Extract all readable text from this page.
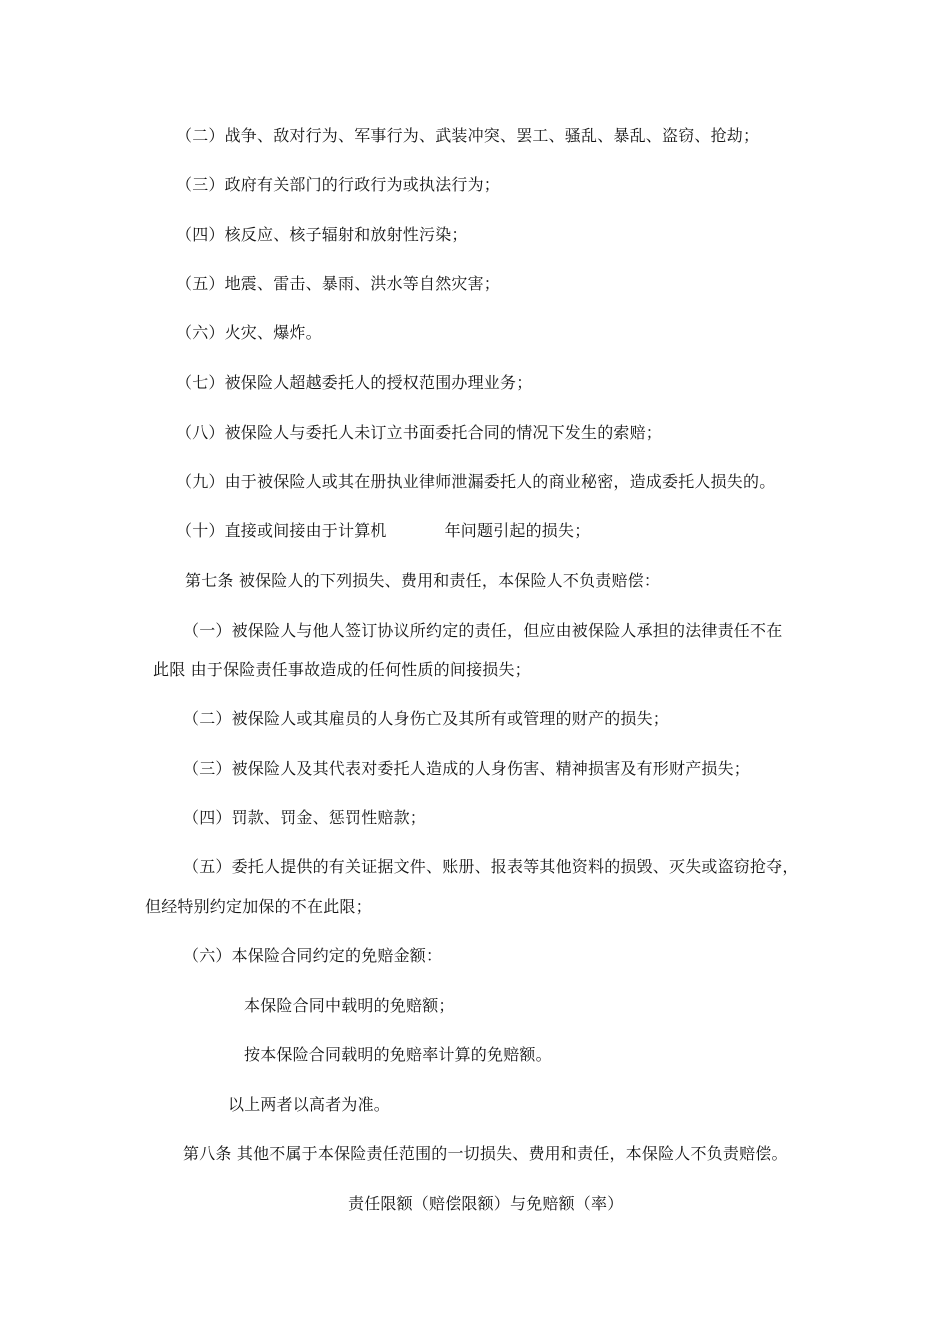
（二）战争、敌对行为、军事行为、武装冲突、罢工、骚乱、暴乱、盗窃、抢劫；
（三）政府有关部门的行政行为或执法行为；
（四）核反应、核子辐射和放射性污染；
（五）地震、雷击、暴雨、洪水等自然灾害；
（六）火灾、爆炸。
（七）被保险人超越委托人的授权范围办理业务；
（八）被保险人与委托人未订立书面委托合同的情况下发生的索赔；
（九）由于被保险人或其在册执业律师泄漏委托人的商业秘密，造成委托人损失的。
（十）直接或间接由于计算机	年问题引起的损失；
第七条 被保险人的下列损失、费用和责任，本保险人不负责赔偿：
（一）被保险人与他人签订协议所约定的责任，但应由被保险人承担的法律责任不在
此限 由于保险责任事故造成的任何性质的间接损失；
（二）被保险人或其雇员的人身伤亡及其所有或管理的财产的损失；
（三）被保险人及其代表对委托人造成的人身伤害、精神损害及有形财产损失；
（四）罚款、罚金、惩罚性赔款；
（五）委托人提供的有关证据文件、账册、报表等其他资料的损毁、灭失或盗窃抢夺，
但经特别约定加保的不在此限；
（六）本保险合同约定的免赔金额：
本保险合同中载明的免赔额；
按本保险合同载明的免赔率计算的免赔额。
以上两者以高者为准。
第八条 其他不属于本保险责任范围的一切损失、费用和责任，本保险人不负责赔偿。
责任限额（赔偿限额）与免赔额（率）
